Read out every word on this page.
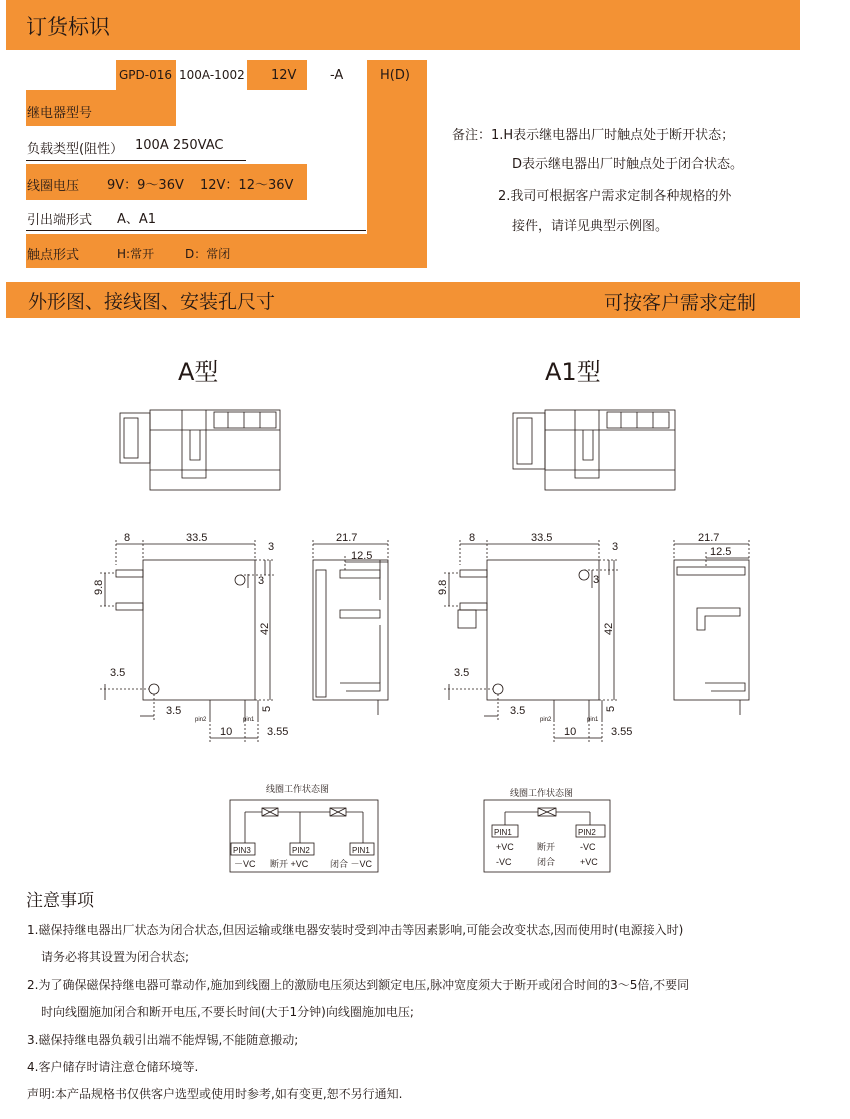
订货标识
GPD-016 100A-1002 12V	-A	H(D)
继电器型号
负载类型(阻性） 100A 250VAC
线圈电压 9V：9～36V 12V：12～36V
引出端形式 A、A1
触点形式	H:常开	D：常闭
备注：1.H表示继电器出厂时触点处于断开状态；
D表示继电器出厂时触点处于闭合状态。
2.我司可根据客户需求定制各种规格的外
接件，请详见典型示例图。
外形图、接线图、安装孔尺寸	可按客户需求定制
A型	A1型
8	33.5
3
3
9.8
42
3.5
5
3.5
pin2	pin1
10	3.55
21.7
12.5
8	33.5
3
3
9.8
42
3.5
5
3.5
pin2	pin1
10	3.55
21.7
12.5
线圈工作状态图
PIN3	PIN2	PIN1
－VC 断开 +VC 闭合 －VC
线圈工作状态图
PIN1	PIN2
+VC
-VC
断开
闭合
-VC
+VC
注意事项
1.磁保持继电器出厂状态为闭合状态,但因运输或继电器安装时受到冲击等因素影响,可能会改变状态,因而使用时(电源接入时)
请务必将其设置为闭合状态;
2.为了确保磁保持继电器可靠动作,施加到线圈上的激励电压须达到额定电压,脉冲宽度须大于断开或闭合时间的3～5倍,不要同
时向线圈施加闭合和断开电压,不要长时间(大于1分钟)向线圈施加电压;
3.磁保持继电器负载引出端不能焊锡,不能随意搬动;
4.客户储存时请注意仓储环境等.
声明:本产品规格书仅供客户选型或使用时参考,如有变更,恕不另行通知.
